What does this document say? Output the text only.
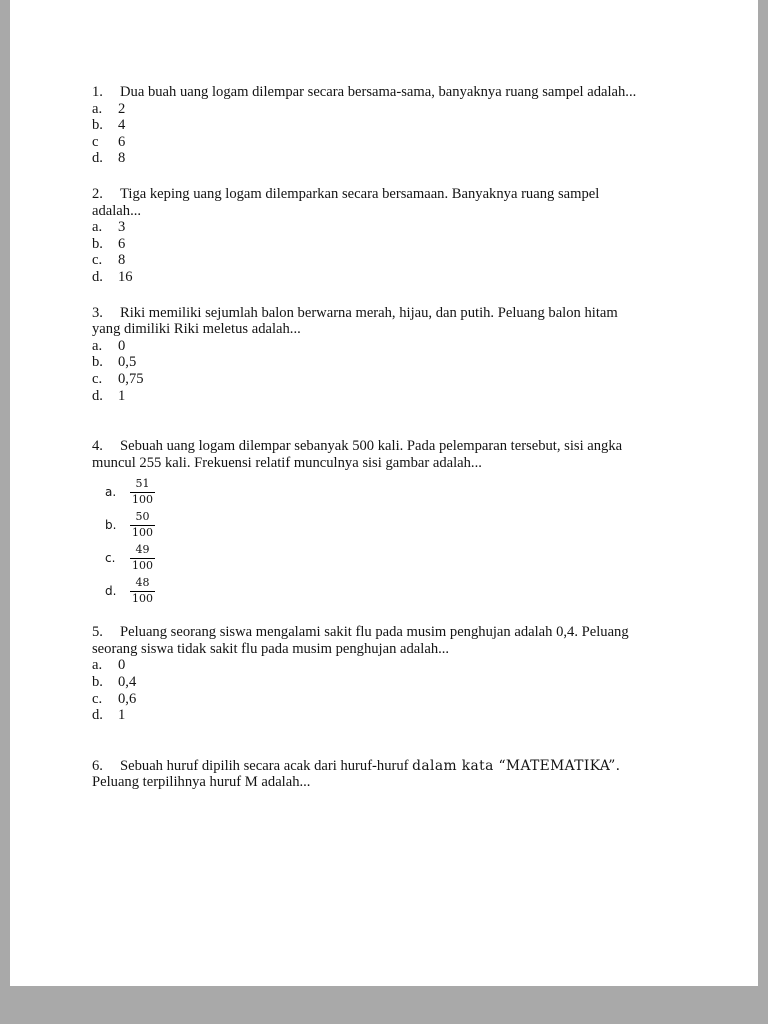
1. Dua buah uang logam dilempar secara bersama-sama, banyaknya ruang sampel adalah...
a. 2
b. 4
c 6
d. 8
2. Tiga keping uang logam dilemparkan secara bersamaan. Banyaknya ruang sampel
adalah...
a. 3
b. 6
c. 8
d. 16
3. Riki memiliki sejumlah balon berwarna merah, hijau, dan putih. Peluang balon hitam
yang dimiliki Riki meletus adalah...
a. 0
b. 0,5
c. 0,75
d. 1
4. Sebuah uang logam dilempar sebanyak 500 kali. Pada pelemparan tersebut, sisi angka
muncul 255 kali. Frekuensi relatif munculnya sisi gambar adalah...
a.	$\frac{51}{100}$
b.	$\frac{50}{100}$
c.	$\frac{49}{100}$
d.	$\frac{48}{100}$
5. Peluang seorang siswa mengalami sakit flu pada musim penghujan adalah 0,4. Peluang
seorang siswa tidak sakit flu pada musim penghujan adalah...
a. 0
b. 0,4
c. 0,6
d. 1
6. Sebuah huruf dipilih secara acak dari huruf-huruf dalam kata “MATEMATIKA”.
Peluang terpilihnya huruf M adalah...
